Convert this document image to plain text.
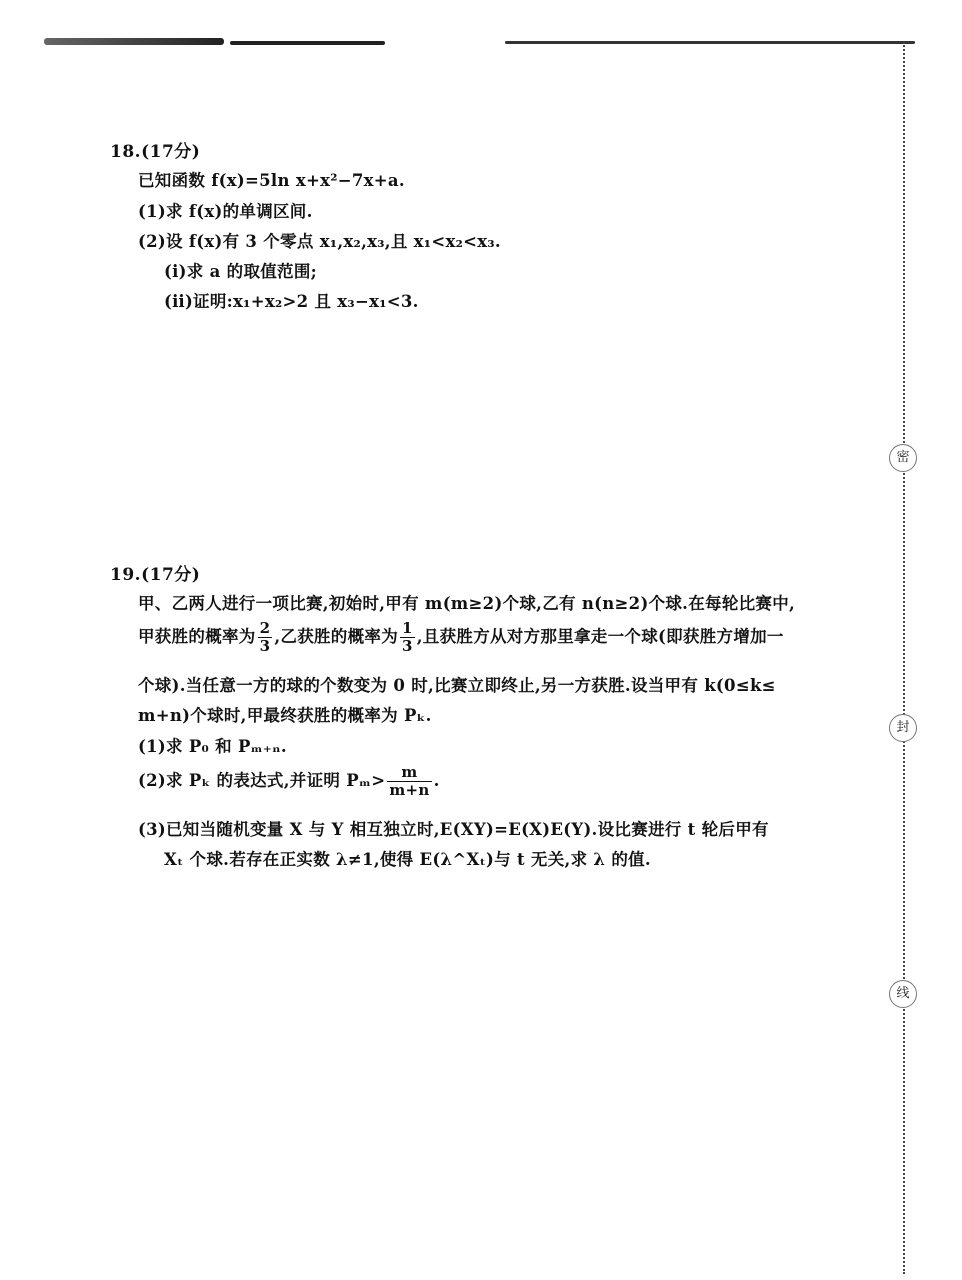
密
封
线
18.(17分)
已知函数 f(x)=5ln x+x²−7x+a.
(1)求 f(x)的单调区间.
(2)设 f(x)有 3 个零点 x₁,x₂,x₃,且 x₁<x₂<x₃.
(ⅰ)求 a 的取值范围;
(ⅱ)证明:x₁+x₂>2 且 x₃−x₁<3.
19.(17分)
甲、乙两人进行一项比赛,初始时,甲有 m(m≥2)个球,乙有 n(n≥2)个球.在每轮比赛中,
甲获胜的概率为 $\frac{2}{3}$ ,乙获胜的概率为 $\frac{1}{3}$ ,且获胜方从对方那里拿走一个球(即获胜方增加一
个球).当任意一方的球的个数变为 0 时,比赛立即终止,另一方获胜.设当甲有 k(0≤k≤
m+n)个球时,甲最终获胜的概率为 Pₖ.
(1)求 P₀ 和 Pₘ₊ₙ.
(2)求 Pₖ 的表达式,并证明 $P_m> \frac{m}{m+n}$ .
(3)已知当随机变量 X 与 Y 相互独立时,E(XY)=E(X)E(Y).设比赛进行 t 轮后甲有
Xₜ 个球.若存在正实数 λ≠1,使得 E(λ^Xₜ)与 t 无关,求 λ 的值.
